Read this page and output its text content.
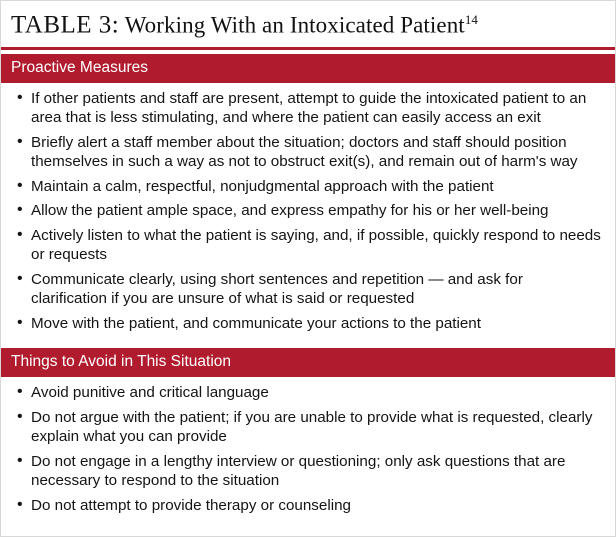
TABLE 3: Working With an Intoxicated Patient$^{14}$
Proactive Measures
• If other patients and staff are present, attempt to guide the intoxicated patient to an area that is less stimulating, and where the patient can easily access an exit
• Briefly alert a staff member about the situation; doctors and staff should position themselves in such a way as not to obstruct exit(s), and remain out of harm's way
• Maintain a calm, respectful, nonjudgmental approach with the patient
• Allow the patient ample space, and express empathy for his or her well-being
• Actively listen to what the patient is saying, and, if possible, quickly respond to needs or requests
• Communicate clearly, using short sentences and repetition — and ask for clarification if you are unsure of what is said or requested
• Move with the patient, and communicate your actions to the patient
Things to Avoid in This Situation
• Avoid punitive and critical language
• Do not argue with the patient; if you are unable to provide what is requested, clearly explain what you can provide
• Do not engage in a lengthy interview or questioning; only ask questions that are necessary to respond to the situation
• Do not attempt to provide therapy or counseling
